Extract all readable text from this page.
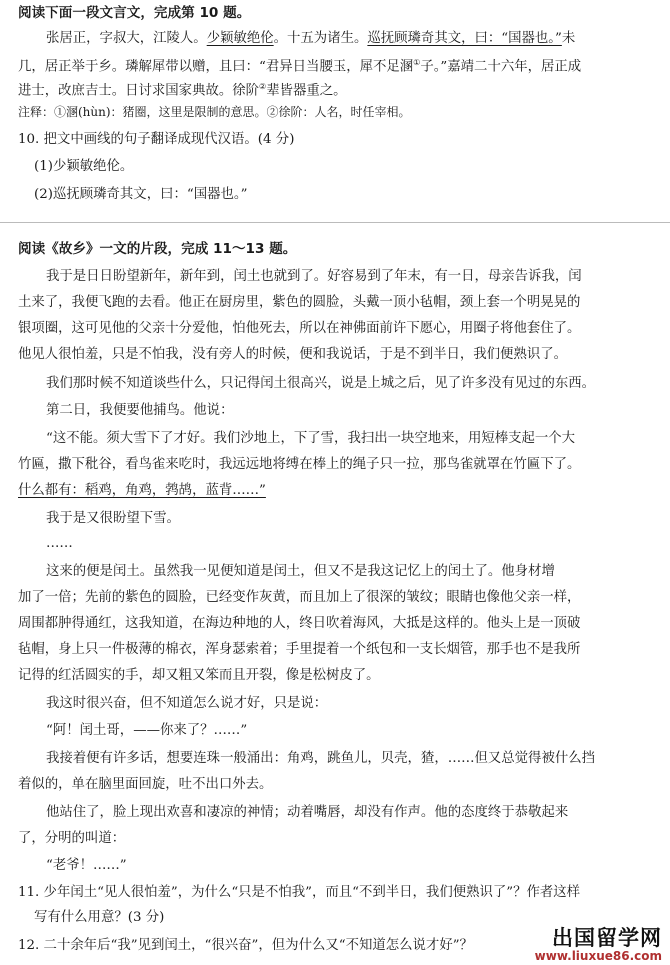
阅读下面一段文言文，完成第 10 题。
张居正，字叔大，江陵人。少颖敏绝伦。十五为诸生。巡抚顾璘奇其文，曰：“国器也。”未
几，居正举于乡。璘解犀带以赠，且曰：“君异日当腰玉，犀不足溷①子。”嘉靖二十六年，居正成
进士，改庶吉士。日讨求国家典故。徐阶②辈皆器重之。
注释：①溷(hùn)：猪圈，这里是限制的意思。②徐阶：人名，时任宰相。
10. 把文中画线的句子翻译成现代汉语。(4 分)
(1)少颖敏绝伦。
(2)巡抚顾璘奇其文，曰：“国器也。”
阅读《故乡》一文的片段，完成 11～13 题。
我于是日日盼望新年，新年到，闰土也就到了。好容易到了年末，有一日，母亲告诉我，闰
土来了，我便飞跑的去看。他正在厨房里，紫色的圆脸，头戴一顶小毡帽，颈上套一个明晃晃的
银项圈，这可见他的父亲十分爱他，怕他死去，所以在神佛面前许下愿心，用圈子将他套住了。
他见人很怕羞，只是不怕我，没有旁人的时候，便和我说话，于是不到半日，我们便熟识了。
我们那时候不知道谈些什么，只记得闰土很高兴，说是上城之后，见了许多没有见过的东西。
第二日，我便要他捕鸟。他说：
“这不能。须大雪下了才好。我们沙地上，下了雪，我扫出一块空地来，用短棒支起一个大
竹匾，撒下秕谷，看鸟雀来吃时，我远远地将缚在棒上的绳子只一拉，那鸟雀就罩在竹匾下了。
什么都有：稻鸡，角鸡，鹁鸪，蓝背……”
我于是又很盼望下雪。
……
这来的便是闰土。虽然我一见便知道是闰土，但又不是我这记忆上的闰土了。他身材增
加了一倍；先前的紫色的圆脸，已经变作灰黄，而且加上了很深的皱纹；眼睛也像他父亲一样，
周围都肿得通红，这我知道，在海边种地的人，终日吹着海风，大抵是这样的。他头上是一顶破
毡帽，身上只一件极薄的棉衣，浑身瑟索着；手里提着一个纸包和一支长烟管，那手也不是我所
记得的红活圆实的手，却又粗又笨而且开裂，像是松树皮了。
我这时很兴奋，但不知道怎么说才好，只是说：
“阿！闰土哥，——你来了？……”
我接着便有许多话，想要连珠一般涌出：角鸡，跳鱼儿，贝壳，猹，……但又总觉得被什么挡
着似的，单在脑里面回旋，吐不出口外去。
他站住了，脸上现出欢喜和凄凉的神情；动着嘴唇，却没有作声。他的态度终于恭敬起来
了，分明的叫道：
“老爷！……”
11. 少年闰土“见人很怕羞”，为什么“只是不怕我”，而且“不到半日，我们便熟识了”？作者这样
写有什么用意？(3 分)
12. 二十余年后“我”见到闰土，“很兴奋”，但为什么又“不知道怎么说才好”？	出国留学网
www.liuxue86.com
